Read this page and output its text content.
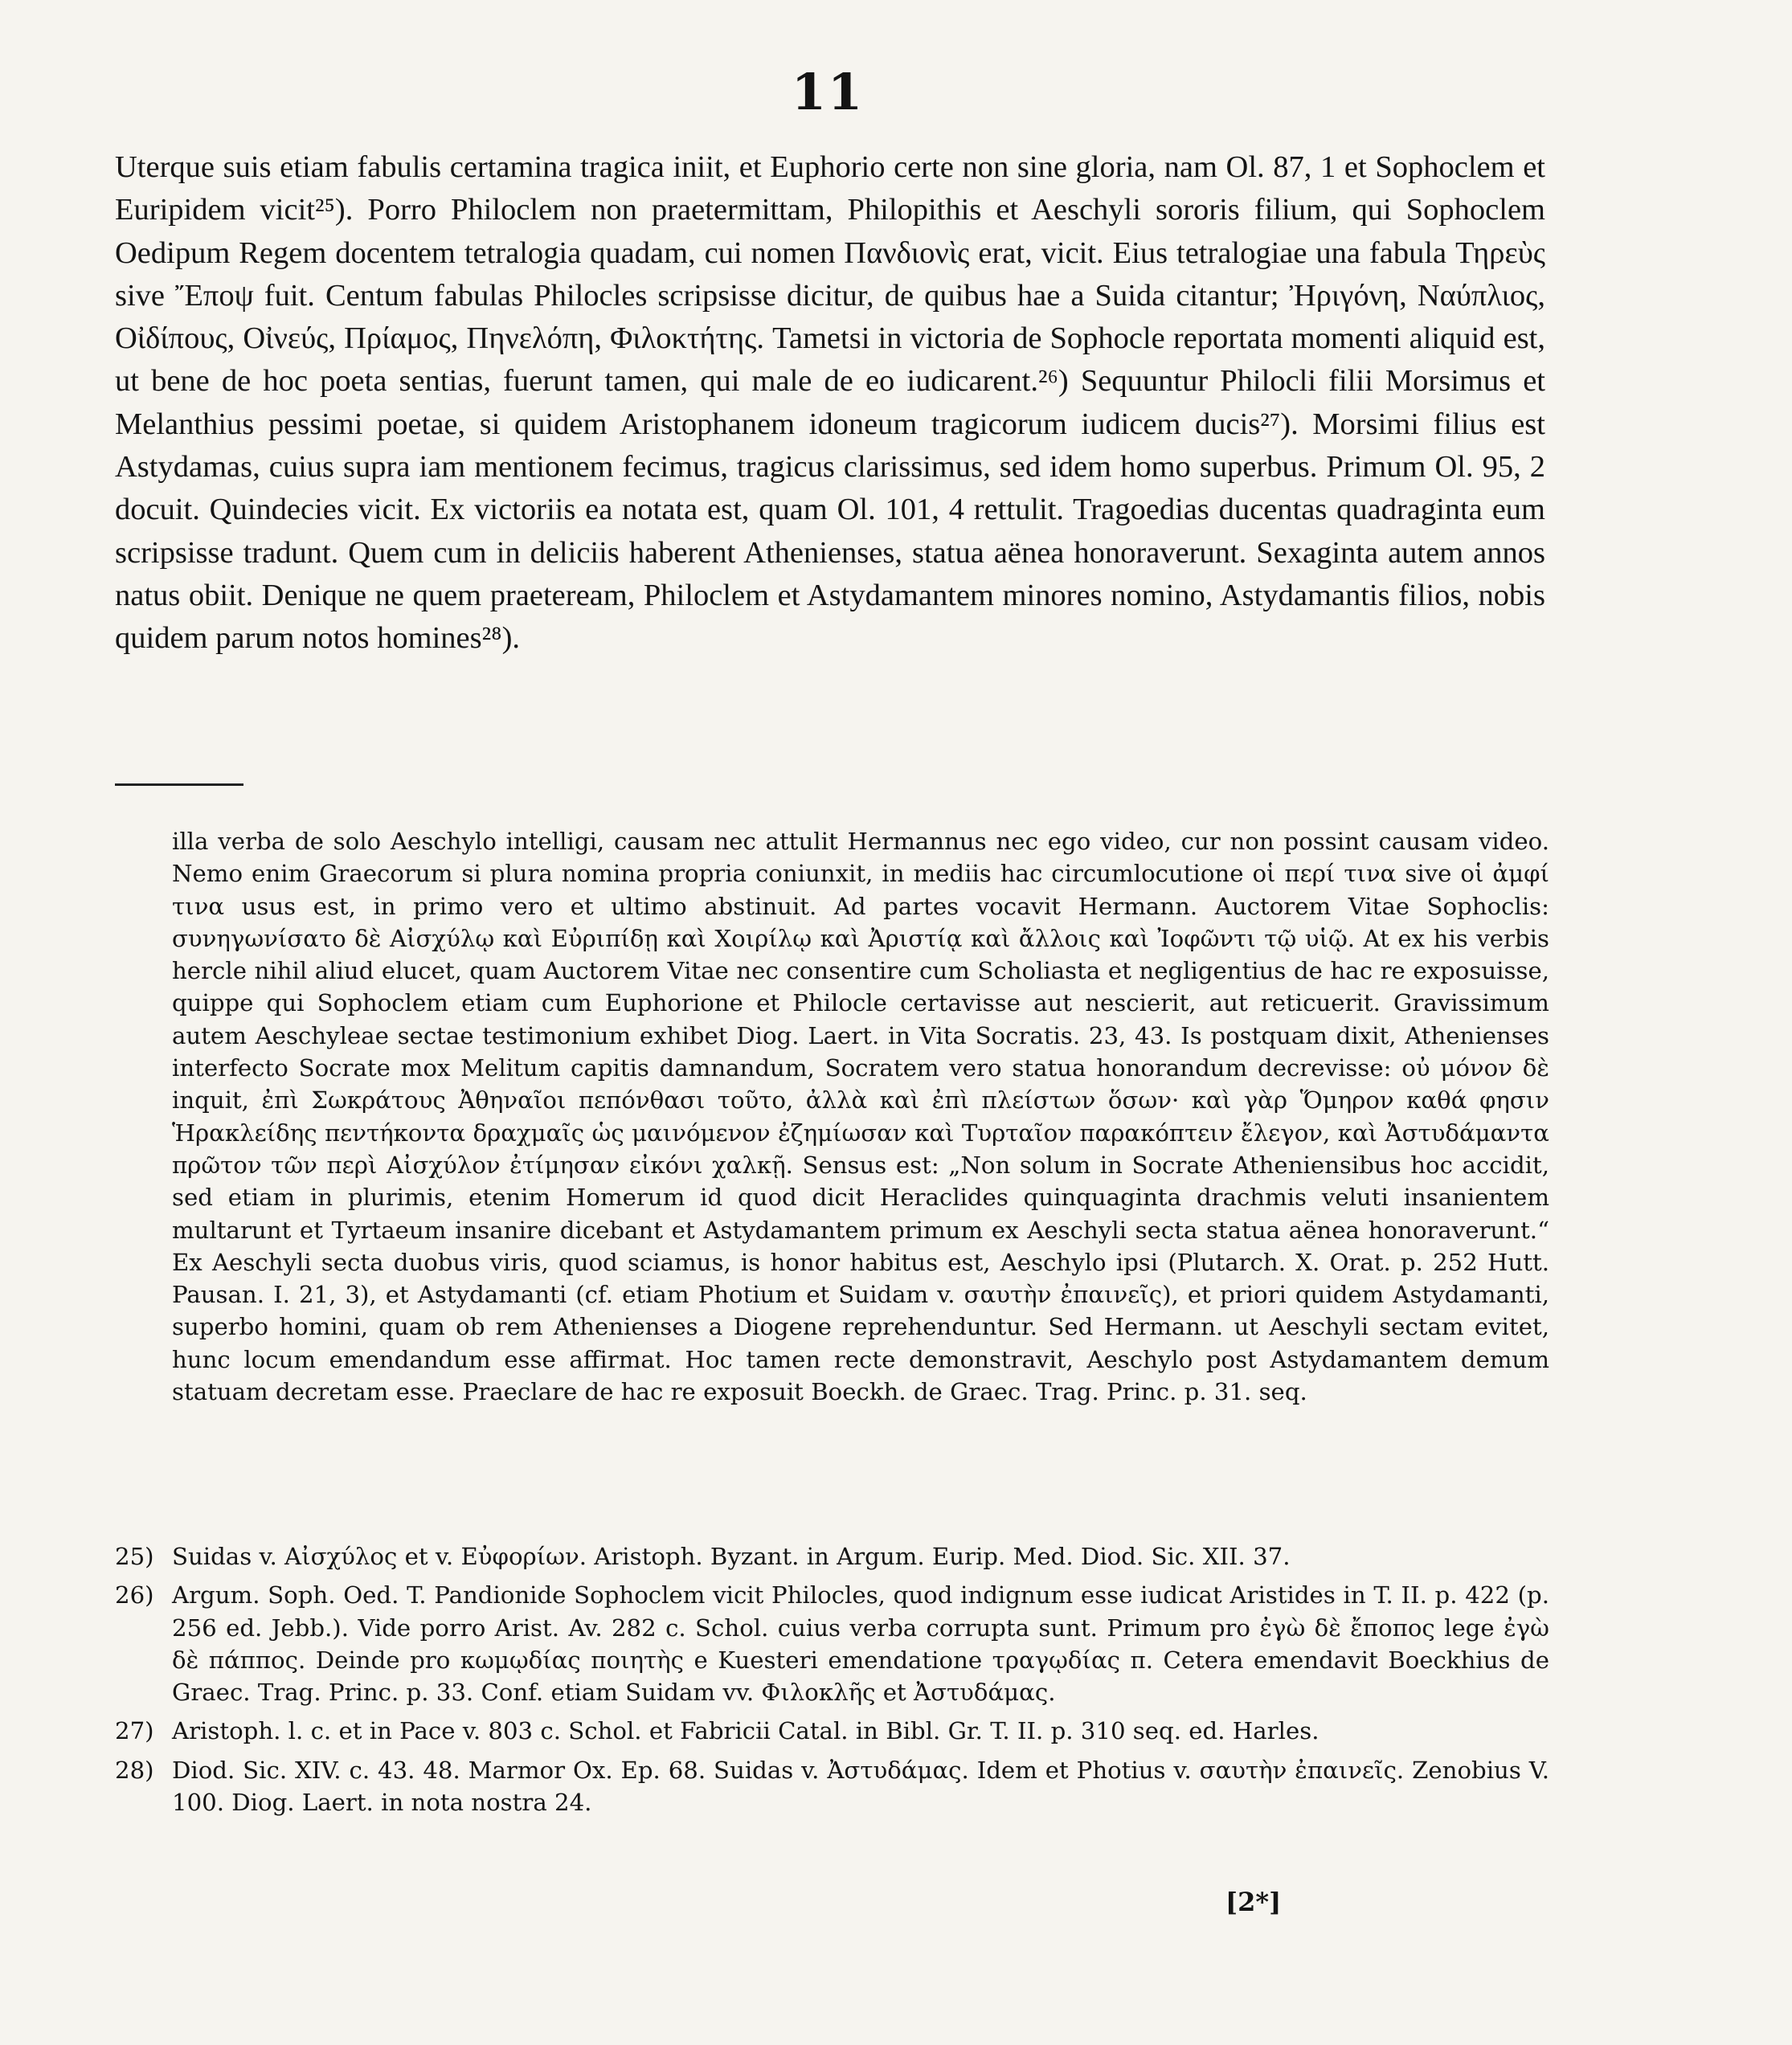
11

Uterque suis etiam fabulis certamina tragica iniit, et Euphorio certe non sine gloria, nam Ol. 87, 1 et Sophoclem et Euripidem vicit²⁵). Porro Philoclem non praetermittam, Philopithis et Aeschyli sororis filium, qui Sophoclem Oedipum Regem docentem tetralogia quadam, cui nomen Πανδιονὶς erat, vicit. Eius tetralogiae una fabula Τηρεὺς sive Ἔποψ fuit. Centum fabulas Philocles scripsisse dicitur, de quibus hae a Suida citantur; Ἠριγόνη, Ναύπλιος, Οἰδίπους, Οἰνεύς, Πρίαμος, Πηνελόπη, Φιλοκτήτης. Tametsi in victoria de Sophocle reportata momenti aliquid est, ut bene de hoc poeta sentias, fuerunt tamen, qui male de eo iudicarent.²⁶) Sequuntur Philocli filii Morsimus et Melanthius pessimi poetae, si quidem Aristophanem idoneum tragicorum iudicem ducis²⁷). Morsimi filius est Astydamas, cuius supra iam mentionem fecimus, tragicus clarissimus, sed idem homo superbus. Primum Ol. 95, 2 docuit. Quindecies vicit. Ex victoriis ea notata est, quam Ol. 101, 4 rettulit. Tragoedias ducentas quadraginta eum scripsisse tradunt. Quem cum in deliciis haberent Athenienses, statua aënea honoraverunt. Sexaginta autem annos natus obiit. Denique ne quem praeteream, Philoclem et Astydamantem minores nomino, Astydamantis filios, nobis quidem parum notos homines²⁸).

illa verba de solo Aeschylo intelligi, causam nec attulit Hermannus nec ego video, cur non possint causam video. Nemo enim Graecorum si plura nomina propria coniunxit, in mediis hac circumlocutione οἱ περί τινα sive οἱ ἀμφί τινα usus est, in primo vero et ultimo abstinuit. Ad partes vocavit Hermann. Auctorem Vitae Sophoclis: συνηγωνίσατο δὲ Αἰσχύλῳ καὶ Εὐριπίδῃ καὶ Χοιρίλῳ καὶ Ἀριστίᾳ καὶ ἄλλοις καὶ Ἰοφῶντι τῷ υἱῷ. At ex his verbis hercle nihil aliud elucet, quam Auctorem Vitae nec consentire cum Scholiasta et negligentius de hac re exposuisse, quippe qui Sophoclem etiam cum Euphorione et Philocle certavisse aut nescierit, aut reticuerit. Gravissimum autem Aeschyleae sectae testimonium exhibet Diog. Laert. in Vita Socratis. 23, 43. Is postquam dixit, Athenienses interfecto Socrate mox Melitum capitis damnandum, Socratem vero statua honorandum decrevisse: οὐ μόνον δὲ inquit, ἐπὶ Σωκράτους Ἀθηναῖοι πεπόνθασι τοῦτο, ἀλλὰ καὶ ἐπὶ πλείστων ὅσων· καὶ γὰρ Ὅμηρον καθά φησιν Ἡρακλείδης πεντήκοντα δραχμαῖς ὡς μαινόμενον ἐζημίωσαν καὶ Τυρταῖον παρακόπτειν ἔλεγον, καὶ Ἀστυδάμαντα πρῶτον τῶν περὶ Αἰσχύλον ἐτίμησαν εἰκόνι χαλκῇ. Sensus est: „Non solum in Socrate Atheniensibus hoc accidit, sed etiam in plurimis, etenim Homerum id quod dicit Heraclides quinquaginta drachmis veluti insanientem multarunt et Tyrtaeum insanire dicebant et Astydamantem primum ex Aeschyli secta statua aënea honoraverunt.“ Ex Aeschyli secta duobus viris, quod sciamus, is honor habitus est, Aeschylo ipsi (Plutarch. X. Orat. p. 252 Hutt. Pausan. I. 21, 3), et Astydamanti (cf. etiam Photium et Suidam v. σαυτὴν ἐπαινεῖς), et priori quidem Astydamanti, superbo homini, quam ob rem Athenienses a Diogene reprehenduntur. Sed Hermann. ut Aeschyli sectam evitet, hunc locum emendandum esse affirmat. Hoc tamen recte demonstravit, Aeschylo post Astydamantem demum statuam decretam esse. Praeclare de hac re exposuit Boeckh. de Graec. Trag. Princ. p. 31. seq.

25) Suidas v. Αἰσχύλος et v. Εὐφορίων. Aristoph. Byzant. in Argum. Eurip. Med. Diod. Sic. XII. 37.
26) Argum. Soph. Oed. T. Pandionide Sophoclem vicit Philocles, quod indignum esse iudicat Aristides in T. II. p. 422 (p. 256 ed. Jebb.). Vide porro Arist. Av. 282 c. Schol. cuius verba corrupta sunt. Primum pro ἐγὼ δὲ ἔποπος lege ἐγὼ δὲ πάππος. Deinde pro κωμῳδίας ποιητὴς e Kuesteri emendatione τραγῳδίας π. Cetera emendavit Boeckhius de Graec. Trag. Princ. p. 33. Conf. etiam Suidam vv. Φιλοκλῆς et Ἀστυδάμας.
27) Aristoph. l. c. et in Pace v. 803 c. Schol. et Fabricii Catal. in Bibl. Gr. T. II. p. 310 seq. ed. Harles.
28) Diod. Sic. XIV. c. 43. 48. Marmor Ox. Ep. 68. Suidas v. Ἀστυδάμας. Idem et Photius v. σαυτὴν ἐπαινεῖς. Zenobius V. 100. Diog. Laert. in nota nostra 24.
[2*]
